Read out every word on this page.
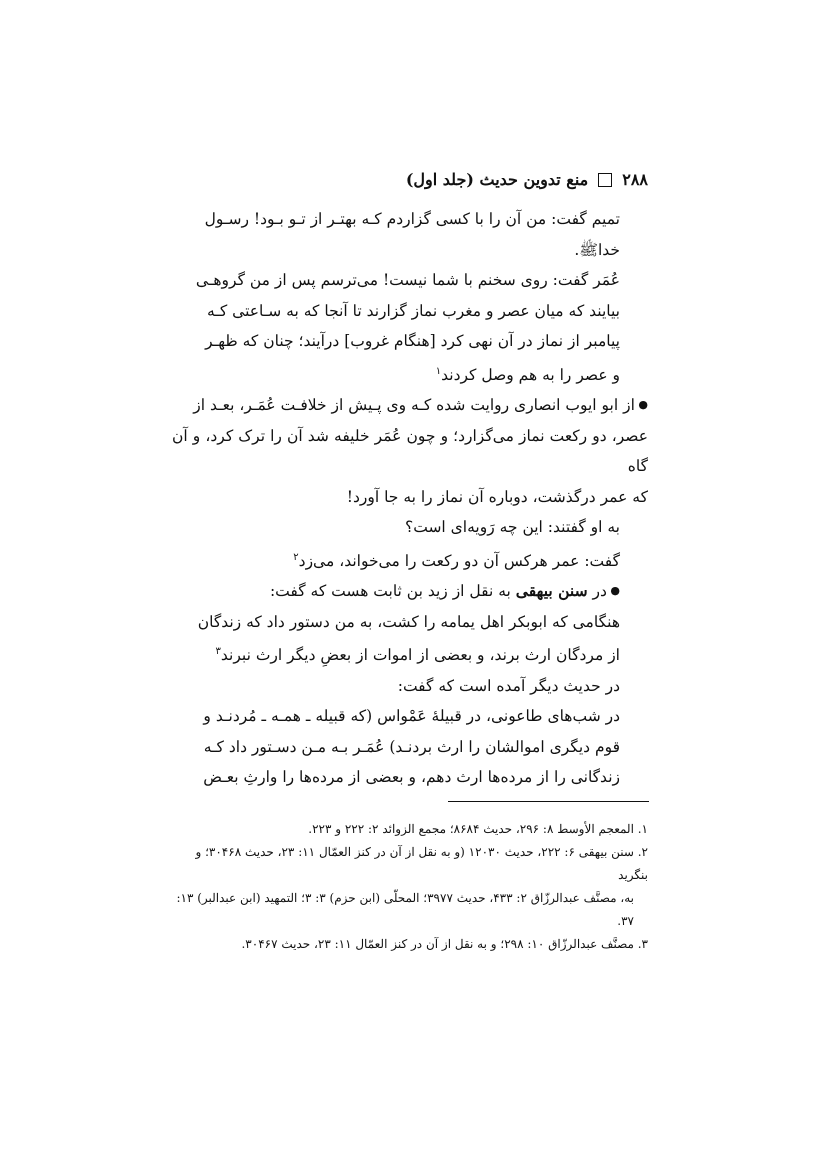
۲۸۸
منع تدوین حدیث (جلد اول)

تمیم گفت: من آن را با کسی گزاردم کـه بهتـر از تـو بـود! رسـول

خداﷺ.

عُمَر گفت: روی سخنم با شما نیست! می‌ترسم پس از من گروهـی

بیایند که میان عصر و مغرب نماز گزارند تا آنجا که به سـاعتی کـه

پیامبر از نماز در آن نهی کرد [هنگام غروب] درآیند؛ چنان که ظهـر

و عصر را به هم وصل کردند$^۱$

● از ابو ایوب انصاری روایت شده کـه وی پـیش از خلافـت عُمَـر، بعـد از

عصر، دو رکعت نماز می‌گزارد؛ و چون عُمَر خلیفه شد آن را ترک کرد، و آن گاه

که عمر درگذشت، دوباره آن نماز را به جا آورد!

به او گفتند: این چه رَویه‌ای است؟

گفت: عمر هرکس آن دو رکعت را می‌خواند، می‌زد$^۲$

● در سنن بیهقی به نقل از زید بن ثابت هست که گفت:

هنگامی که ابوبکر اهل یمامه را کشت، به من دستور داد که زندگان

از مردگان ارث برند، و بعضی از اموات از بعضِ دیگر ارث نبرند$^۳$

در حدیث دیگر آمده است که گفت:

در شب‌های طاعونی، در قبیلهٔ عَمْواس (که قبیله ـ همـه ـ مُردنـد و

قوم دیگری اموالشان را ارث بردنـد) عُمَـر بـه مـن دسـتور داد کـه

زندگانی را از مرده‌ها ارث دهم، و بعضی از مرده‌ها را وارثِ بعـض

۱. المعجم الأوسط ۸: ۲۹۶، حدیث ۸۶۸۴؛ مجمع الزوائد ۲: ۲۲۲ و ۲۲۳.

۲. سنن بیهقی ۶: ۲۲۲، حدیث ۱۲۰۳۰ (و به نقل از آن در کنز العمّال ۱۱: ۲۳، حدیث ۳۰۴۶۸؛ و بنگرید

به، مصنَّف عبدالرزّاق ۲: ۴۳۳، حدیث ۳۹۷۷؛ المحلّی (ابن حزم) ۳: ۳؛ التمهید (ابن عبدالبر) ۱۳: ۳۷.

۳. مصنَّف عبدالرزّاق ۱۰: ۲۹۸؛ و به نقل از آن در کنز العمّال ۱۱: ۲۳، حدیث ۳۰۴۶۷.
